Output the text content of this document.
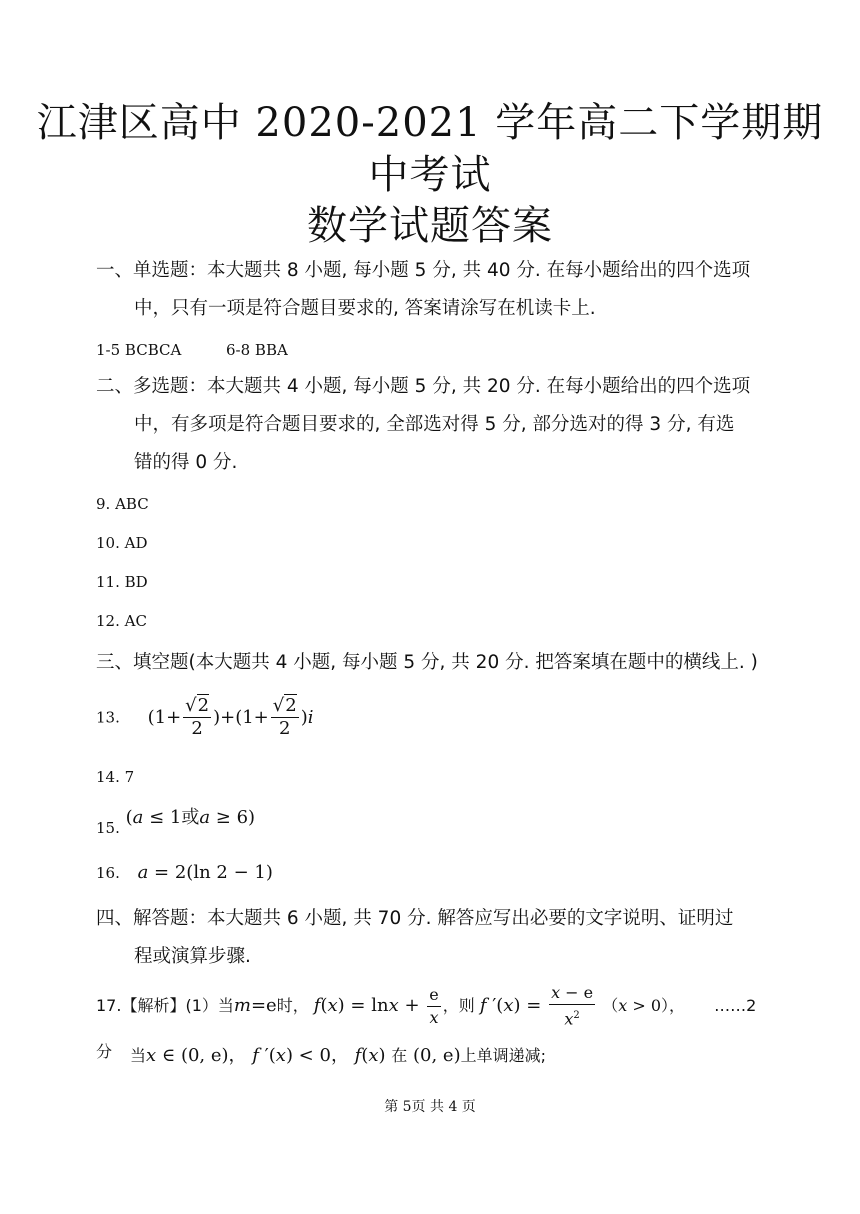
江津区高中 2020-2021 学年高二下学期期
中考试
数学试题答案
一、单选题：本大题共 8 小题, 每小题 5 分, 共 40 分. 在每小题给出的四个选项
中，只有一项是符合题目要求的, 答案请涂写在机读卡上.
1-5 BCBCA	6-8 BBA
二、多选题：本大题共 4 小题, 每小题 5 分, 共 20 分. 在每小题给出的四个选项
中，有多项是符合题目要求的, 全部选对得 5 分, 部分选对的得 3 分, 有选
错的得 0 分.
9. ABC
10. AD
11. BD
12. AC
三、填空题(本大题共 4 小题, 每小题 5 分, 共 20 分. 把答案填在题中的横线上. )
13. $(1+ \frac{√2}{2} )+(1+ \frac{√2}{2} )i$
14. 7
$_{15.}$ (a ≤ 1或a ≥ 6)
16. a = 2(ln 2 − 1)
四、解答题：本大题共 6 小题, 共 70 分. 解答应写出必要的文字说明、证明过
程或演算步骤.
17.【解析】(1）当m=e时， $f(x) = \ln x + \frac{e}{x}$ ，则 f $'(x) = \frac{x - e}{x^2} (x > 0)$， ……2 分	当x ∈ (0, e)， f ′(x) < 0， f(x) 在 (0, e)上单调递减;
第 5页 共 4 页
